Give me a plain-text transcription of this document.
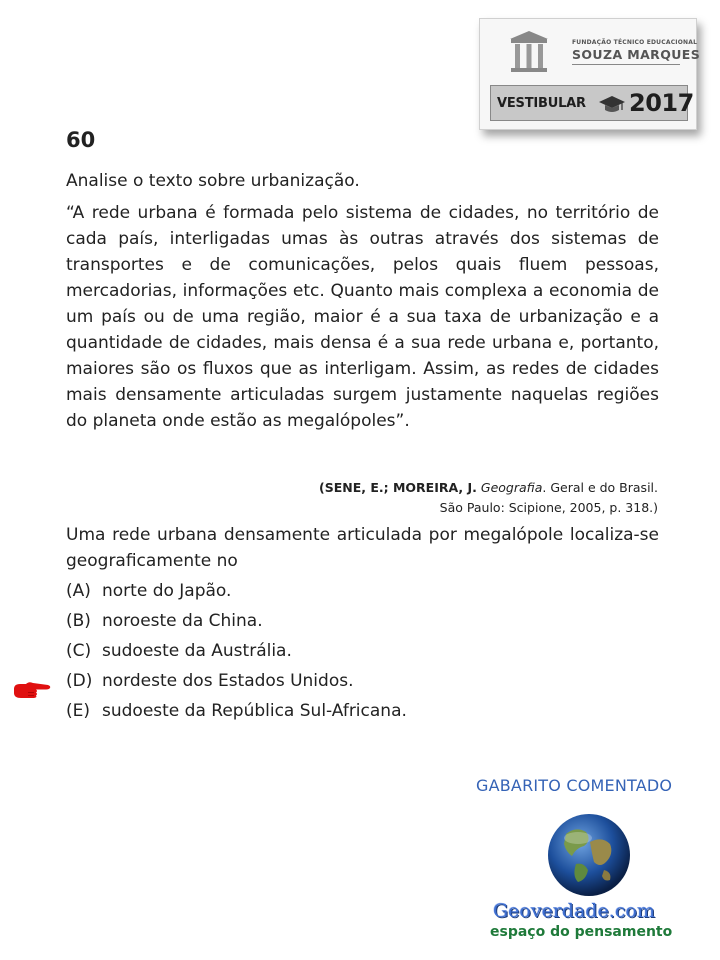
FUNDAÇÃO TÉCNICO EDUCACIONAL
SOUZA MARQUES
VESTIBULAR 2017
60
Analise o texto sobre urbanização.
“A rede urbana é formada pelo sistema de cidades, no território de cada país, interligadas umas às outras através dos sistemas de transportes e de comunicações, pelos quais fluem pessoas, mercadorias, informações etc. Quanto mais complexa a economia de um país ou de uma região, maior é a sua taxa de urbanização e a quantidade de cidades, mais densa é a sua rede urbana e, portanto, maiores são os fluxos que as interligam. Assim, as redes de cidades mais densamente articuladas surgem justamente naquelas regiões do planeta onde estão as megalópoles”.
(SENE, E.; MOREIRA, J. Geografia. Geral e do Brasil.
São Paulo: Scipione, 2005, p. 318.)
Uma rede urbana densamente articulada por megalópole localiza-se geograficamente no
(A) norte do Japão.
(B) noroeste da China.
(C) sudoeste da Austrália.
(D) nordeste dos Estados Unidos.
(E) sudoeste da República Sul-Africana.
GABARITO COMENTADO
Geoverdade.com
espaço do pensamento
